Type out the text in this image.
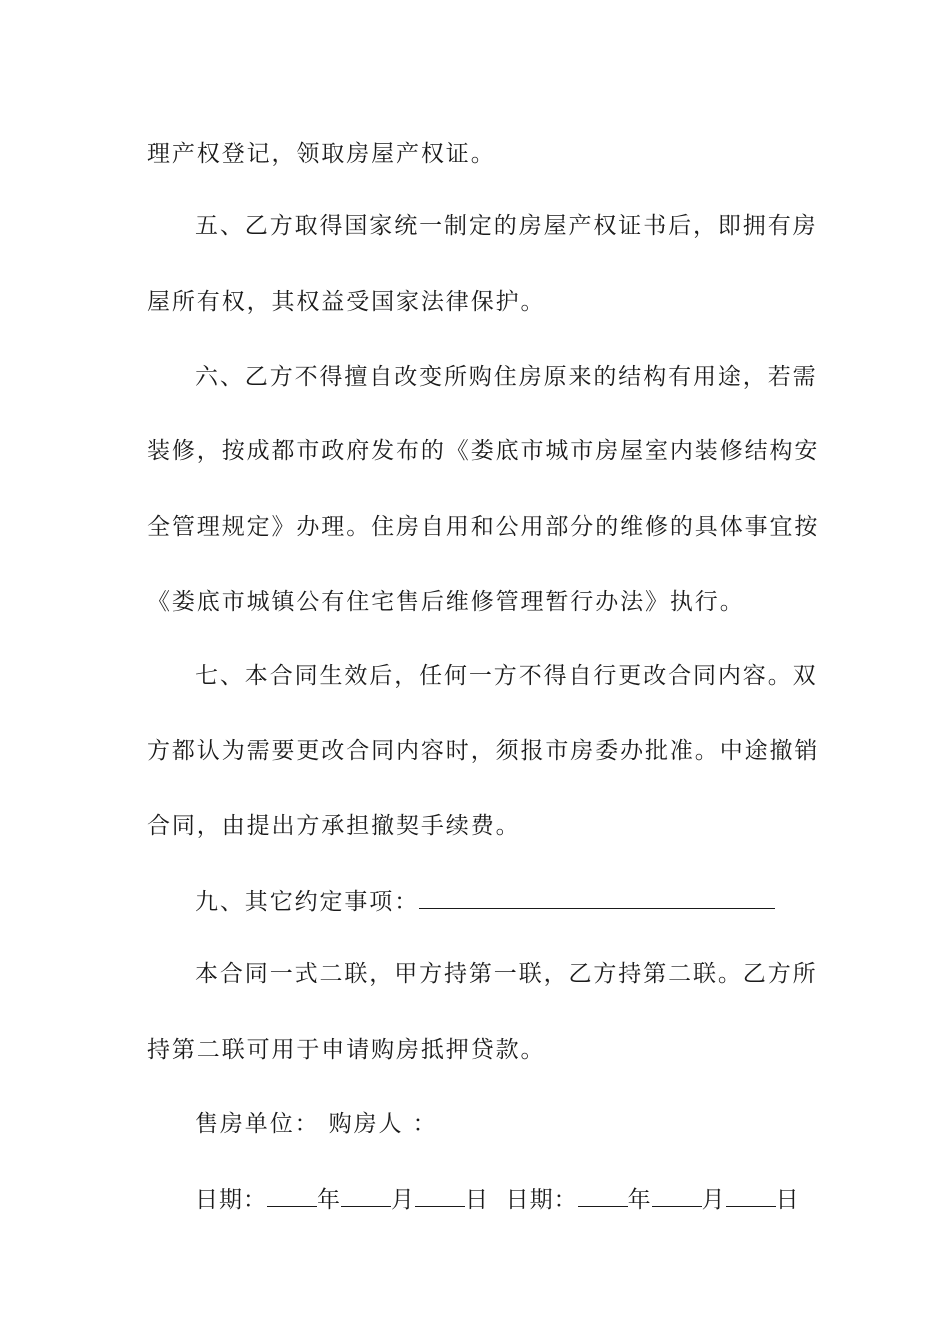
理产权登记，领取房屋产权证。
五、乙方取得国家统一制定的房屋产权证书后，即拥有房
屋所有权，其权益受国家法律保护。
六、乙方不得擅自改变所购住房原来的结构有用途，若需
装修，按成都市政府发布的《娄底市城市房屋室内装修结构安
全管理规定》办理。住房自用和公用部分的维修的具体事宜按
《娄底市城镇公有住宅售后维修管理暂行办法》执行。
七、本合同生效后，任何一方不得自行更改合同内容。双
方都认为需要更改合同内容时，须报市房委办批准。中途撤销
合同，由提出方承担撤契手续费。
九、其它约定事项：
本合同一式二联，甲方持第一联，乙方持第二联。乙方所
持第二联可用于申请购房抵押贷款。
售房单位： 购房人 ：
日期： 年 月 日 日期： 年 月 日
